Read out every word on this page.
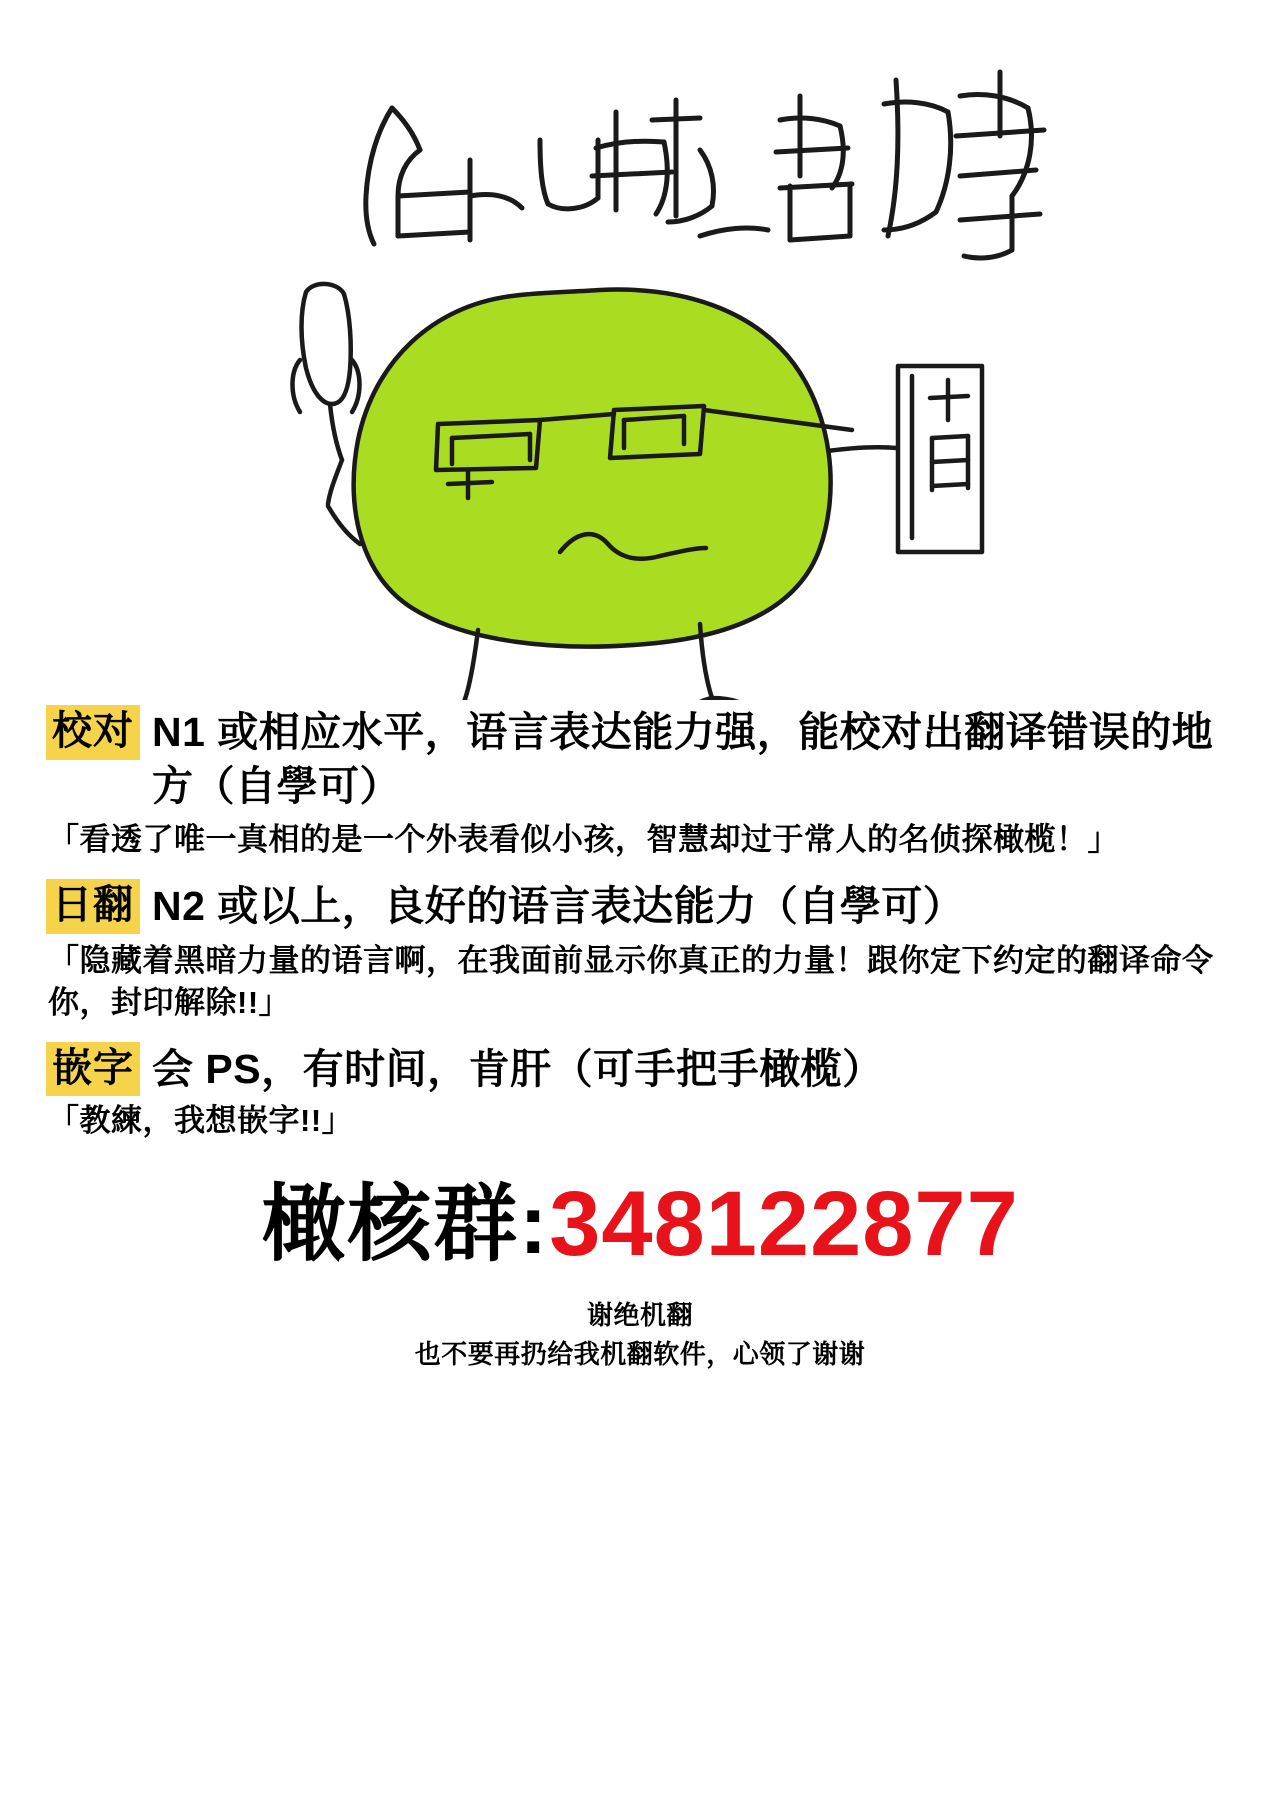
校对 N1 或相应水平，语言表达能力强，能校对出翻译错误的地方（自學可）
「看透了唯一真相的是一个外表看似小孩，智慧却过于常人的名侦探橄榄！」
日翻 N2 或以上，良好的语言表达能力（自學可）
「隐藏着黑暗力量的语言啊，在我面前显示你真正的力量！跟你定下约定的翻译命令你，封印解除!!」
嵌字 会 PS，有时间，肯肝（可手把手橄榄）
「教練，我想嵌字!!」
橄核群:348122877
谢绝机翻
也不要再扔给我机翻软件，心领了谢谢
